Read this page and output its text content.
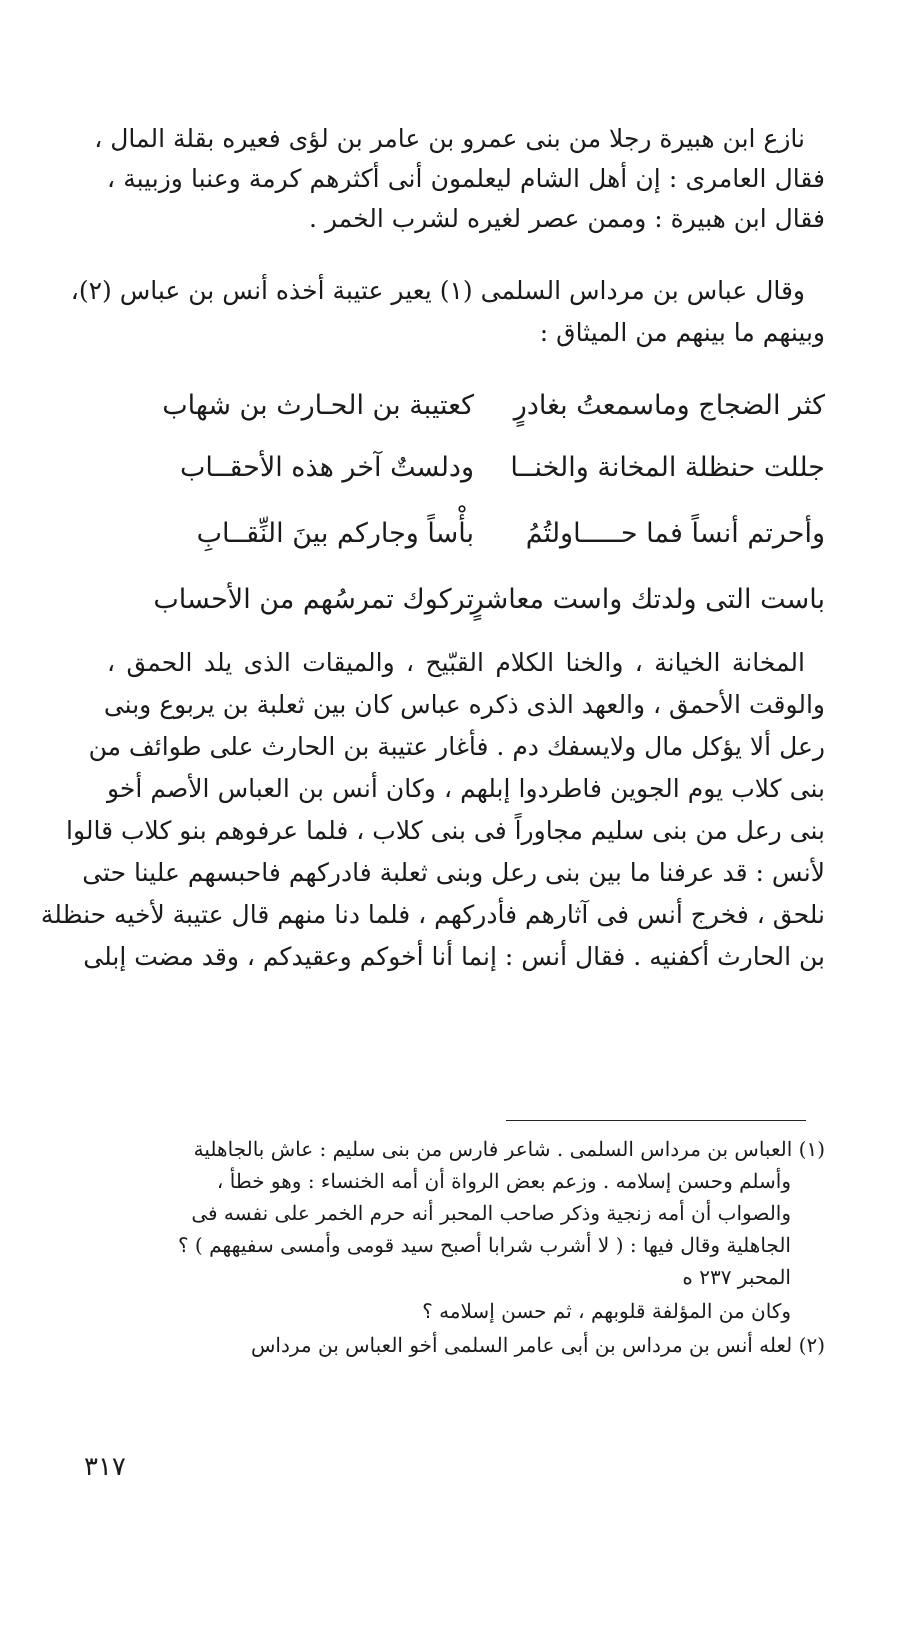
نازع ابن هبيرة رجلا من بنى عمرو بن عامر بن لؤى فعيره بقلة المال ،
فقال العامرى : إن أهل الشام ليعلمون أنى أكثرهم كرمة وعنبا وزبيبة ،
فقال ابن هبيرة : وممن عصر لغيره لشرب الخمر .
وقال عباس بن مرداس السلمى (١) يعير عتيبة أخذه أنس بن عباس (٢)،
وبينهم ما بينهم من الميثاق :
كثر الضجاج وماسمعتُ بغادرٍ
كعتيبة بن الحـارث بن شهاب
جللت حنظلة المخانة والخنــا
ودلستٌ آخر هذه الأحقــاب
وأحرتم أنساً فما حـــــاولتُمُ
بأْساً وجاركم بينَ النِّقــابِ
باست التى ولدتك واست معاشرٍ
تركوك تمرسُهم من الأحساب
المخانة الخيانة ، والخنا الكلام القبّيح ، والميقات الذى يلد الحمق ،
والوقت الأحمق ، والعهد الذى ذكره عباس كان بين ثعلبة بن يربوع وبنى
رعل ألا يؤكل مال ولايسفك دم . فأغار عتيبة بن الحارث على طوائف من
بنى كلاب يوم الجوين فاطردوا إبلهم ، وكان أنس بن العباس الأصم أخو
بنى رعل من بنى سليم مجاوراً فى بنى كلاب ، فلما عرفوهم بنو كلاب قالوا
لأنس : قد عرفنا ما بين بنى رعل وبنى ثعلبة فادركهم فاحبسهم علينا حتى
نلحق ، فخرج أنس فى آثارهم فأدركهم ، فلما دنا منهم قال عتيبة لأخيه حنظلة
بن الحارث أكفنيه . فقال أنس : إنما أنا أخوكم وعقيدكم ، وقد مضت إبلى
(١) العباس بن مرداس السلمى . شاعر فارس من بنى سليم : عاش بالجاهلية
وأسلم وحسن إسلامه . وزعم بعض الرواة أن أمه الخنساء : وهو خطأ ،
والصواب أن أمه زنجية وذكر صاحب المحبر أنه حرم الخمر على نفسه فى
الجاهلية وقال فيها : ( لا أشرب شرابا أصبح سيد قومى وأمسى سفيههم ) ؟
المحبر ٢٣٧ ه
وكان من المؤلفة قلوبهم ، ثم حسن إسلامه ؟
(٢) لعله أنس بن مرداس بن أبى عامر السلمى أخو العباس بن مرداس
٣١٧
